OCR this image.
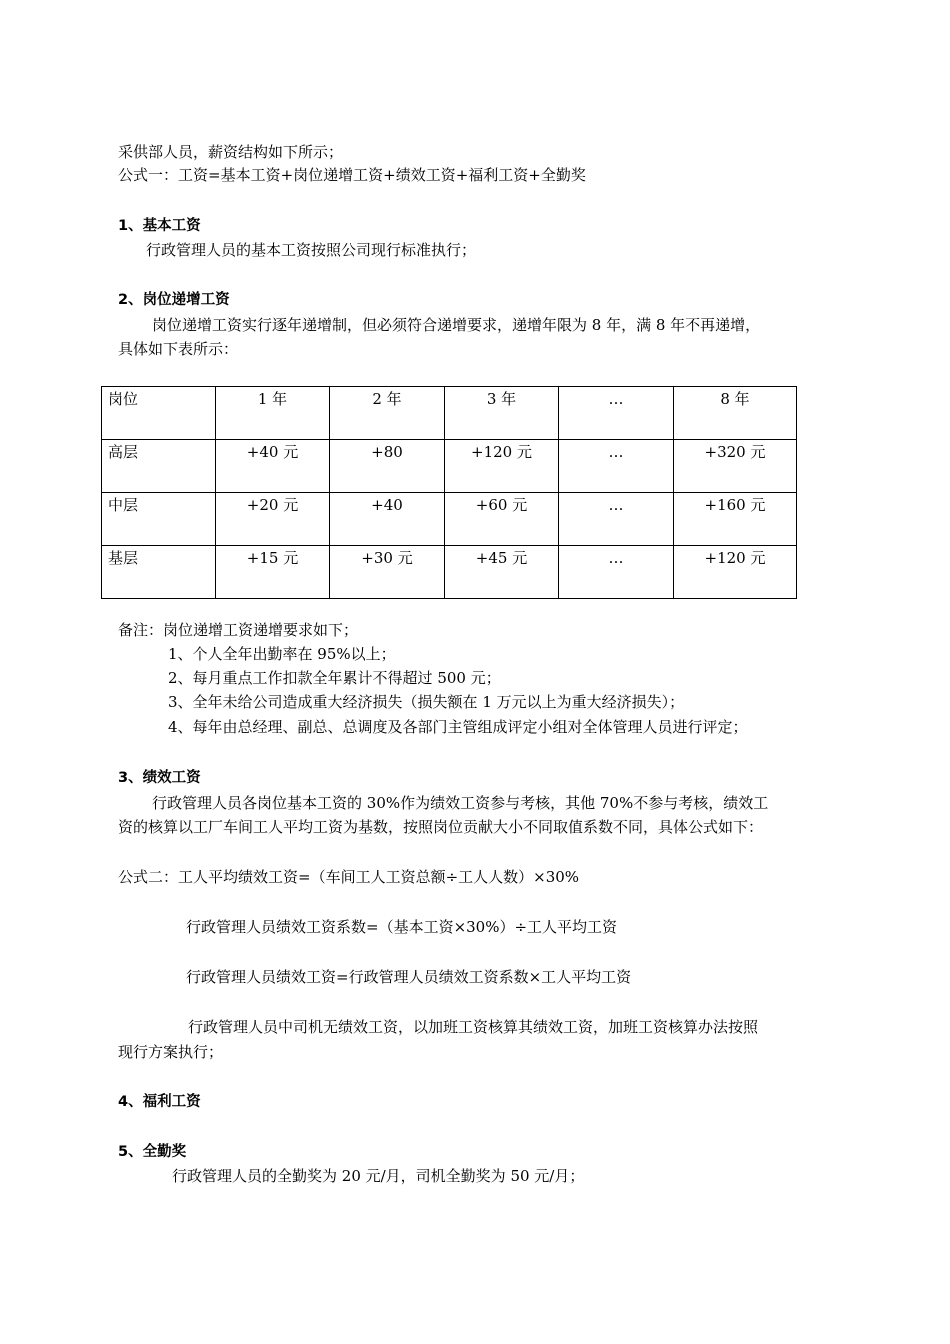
采供部人员，薪资结构如下所示；
公式一：工资=基本工资+岗位递增工资+绩效工资+福利工资+全勤奖
1、基本工资
行政管理人员的基本工资按照公司现行标准执行；
2、岗位递增工资
岗位递增工资实行逐年递增制，但必须符合递增要求，递增年限为 8 年，满 8 年不再递增，
具体如下表所示：
岗位	1 年	2 年	3 年	…	8 年
高层	+40 元	+80	+120 元	…	+320 元
中层	+20 元	+40	+60 元	…	+160 元
基层	+15 元	+30 元	+45 元	…	+120 元
备注：岗位递增工资递增要求如下；
1、个人全年出勤率在 95%以上；
2、每月重点工作扣款全年累计不得超过 500 元；
3、全年未给公司造成重大经济损失（损失额在 1 万元以上为重大经济损失）；
4、每年由总经理、副总、总调度及各部门主管组成评定小组对全体管理人员进行评定；
3、绩效工资
行政管理人员各岗位基本工资的 30%作为绩效工资参与考核，其他 70%不参与考核，绩效工
资的核算以工厂车间工人平均工资为基数，按照岗位贡献大小不同取值系数不同，具体公式如下：
公式二：工人平均绩效工资=（车间工人工资总额÷工人人数）×30%
行政管理人员绩效工资系数=（基本工资×30%）÷工人平均工资
行政管理人员绩效工资=行政管理人员绩效工资系数×工人平均工资
行政管理人员中司机无绩效工资，以加班工资核算其绩效工资，加班工资核算办法按照
现行方案执行；
4、福利工资
5、全勤奖
行政管理人员的全勤奖为 20 元/月，司机全勤奖为 50 元/月；
